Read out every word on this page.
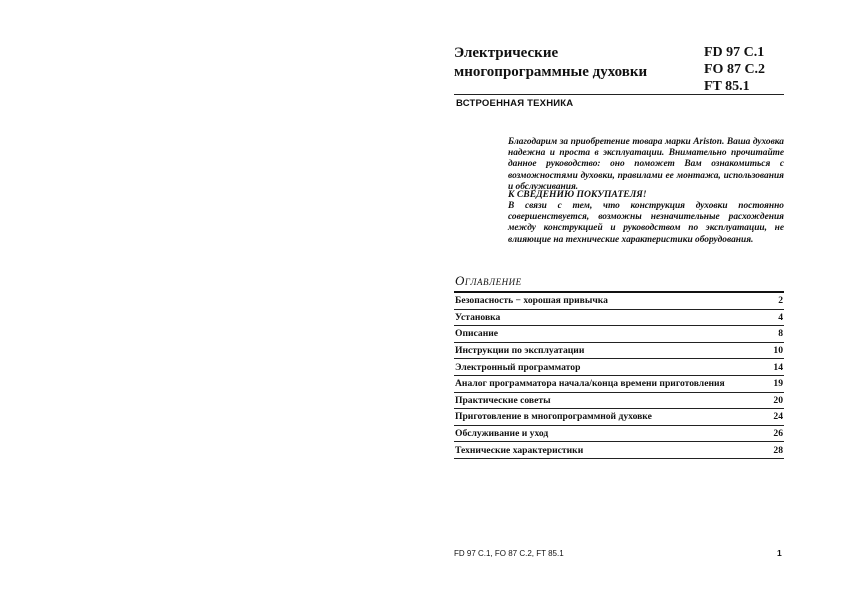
Электрические
многопрограммные духовки
FD 97 C.1
FO 87 C.2
FT 85.1
ВСТРОЕННАЯ ТЕХНИКА
Благодарим за приобретение товара марки Ariston. Ваша духовка надежна и проста в эксплуатации. Внимательно прочитайте данное руководство: оно поможет Вам ознакомиться с возможностями духовки, правилами ее монтажа, использования и обслуживания.
К СВЕДЕНИЮ ПОКУПАТЕЛЯ!
В связи с тем, что конструкция духовки постоянно совершенствуется, возможны незначительные расхождения между конструкцией и руководством по эксплуатации, не влияющие на технические характеристики оборудования.
Оглавление
Безопасность − хорошая привычка	2
Установка	4
Описание	8
Инструкции по эксплуатации	10
Электронный программатор	14
Аналог программатора начала/конца времени приготовления	19
Практические советы	20
Приготовление в многопрограммной духовке	24
Обслуживание и уход	26
Технические характеристики	28
FD 97 C.1, FO 87 C.2, FT 85.1	1
